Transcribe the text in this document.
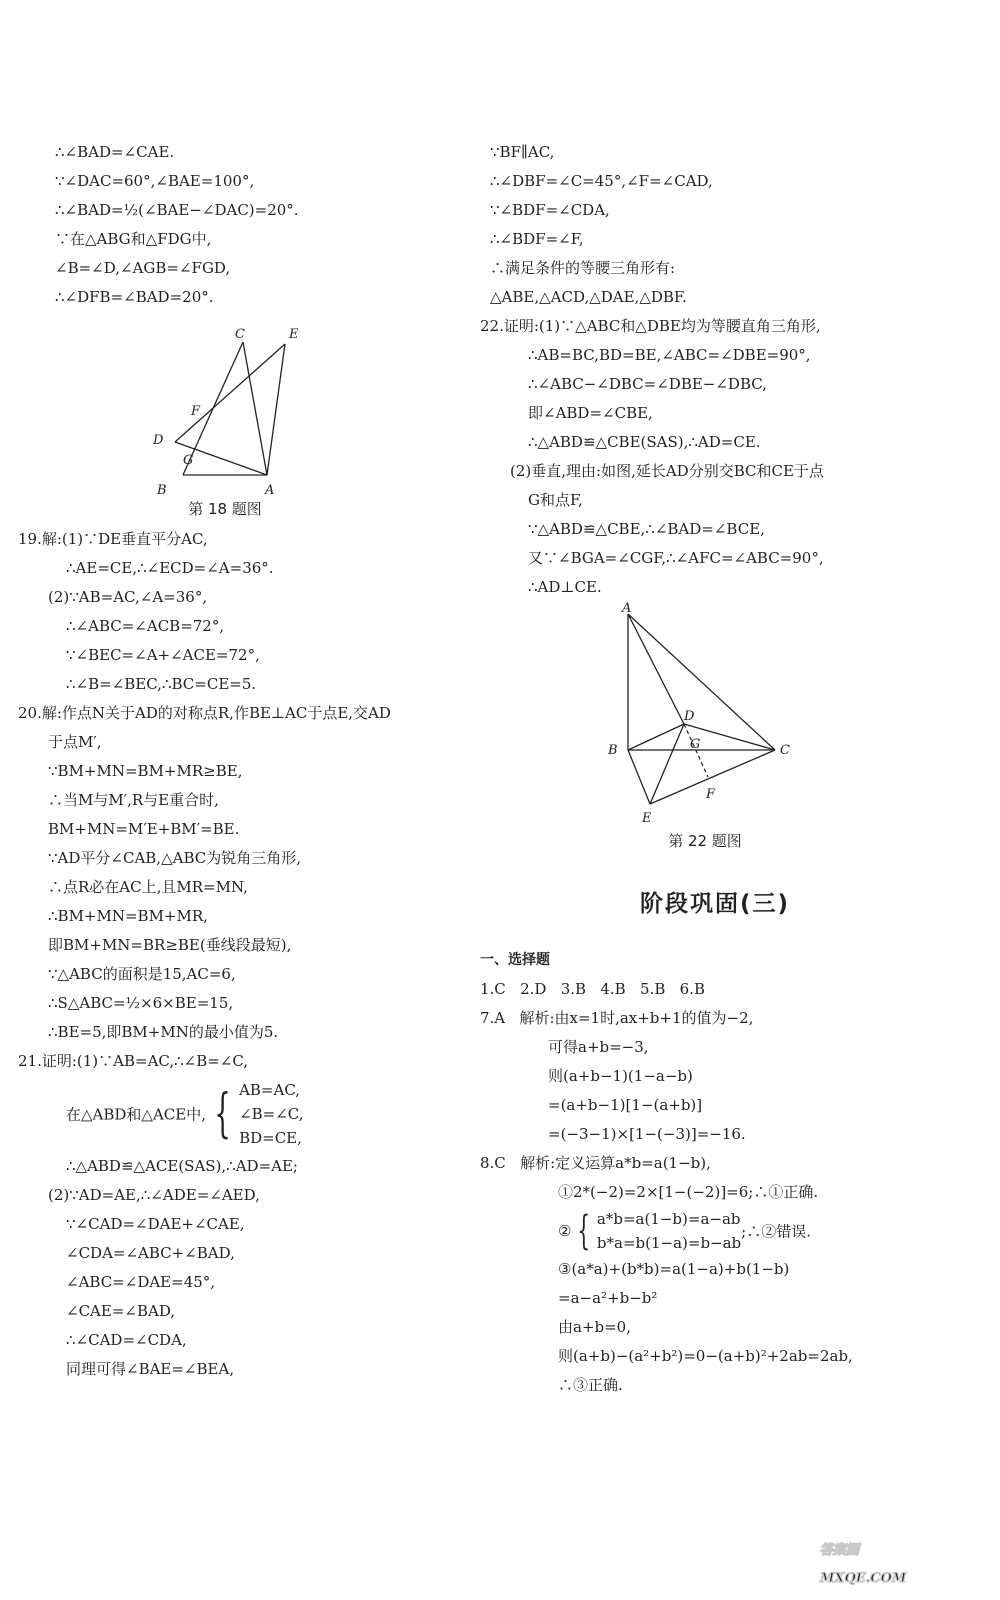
∴∠BAD=∠CAE.
∵∠DAC=60°,∠BAE=100°,
∴∠BAD=½(∠BAE−∠DAC)=20°.
∵在△ABG和△FDG中,
∠B=∠D,∠AGB=∠FGD,
∴∠DFB=∠BAD=20°.
C	E
F
D
G
B	A
第 18 题图
19.解:(1)∵DE垂直平分AC,
∴AE=CE,∴∠ECD=∠A=36°.
(2)∵AB=AC,∠A=36°,
∴∠ABC=∠ACB=72°,
∵∠BEC=∠A+∠ACE=72°,
∴∠B=∠BEC,∴BC=CE=5.
20.解:作点N关于AD的对称点R,作BE⊥AC于点E,交AD
于点M′,
∵BM+MN=BM+MR≥BE,
∴当M与M′,R与E重合时,
BM+MN=M′E+BM′=BE.
∵AD平分∠CAB,△ABC为锐角三角形,
∴点R必在AC上,且MR=MN,
∴BM+MN=BM+MR,
即BM+MN=BR≥BE(垂线段最短),
∵△ABC的面积是15,AC=6,
∴S△ABC=½×6×BE=15,
∴BE=5,即BM+MN的最小值为5.
21.证明:(1)∵AB=AC,∴∠B=∠C,
在△ABD和△ACE中, { AB=AC,
∠B=∠C,
BD=CE,
∴△ABD≌△ACE(SAS),∴AD=AE;
(2)∵AD=AE,∴∠ADE=∠AED,
∵∠CAD=∠DAE+∠CAE,
∠CDA=∠ABC+∠BAD,
∠ABC=∠DAE=45°,
∠CAE=∠BAD,
∴∠CAD=∠CDA,
同理可得∠BAE=∠BEA,
∵BF∥AC,
∴∠DBF=∠C=45°,∠F=∠CAD,
∵∠BDF=∠CDA,
∴∠BDF=∠F,
∴满足条件的等腰三角形有:
△ABE,△ACD,△DAE,△DBF.
22.证明:(1)∵△ABC和△DBE均为等腰直角三角形,
∴AB=BC,BD=BE,∠ABC=∠DBE=90°,
∴∠ABC−∠DBC=∠DBE−∠DBC,
即∠ABD=∠CBE,
∴△ABD≌△CBE(SAS),∴AD=CE.
(2)垂直,理由:如图,延长AD分别交BC和CE于点
G和点F,
∵△ABD≌△CBE,∴∠BAD=∠BCE,
又∵∠BGA=∠CGF,∴∠AFC=∠ABC=90°,
∴AD⊥CE.
A
D
B	G	C
E
F
第 22 题图
阶段巩固(三)
一、选择题
1.C   2.D   3.B   4.B   5.B   6.B
7.A   解析:由x=1时,ax+b+1的值为−2,
可得a+b=−3,
则(a+b−1)(1−a−b)
=(a+b−1)[1−(a+b)]
=(−3−1)×[1−(−3)]=−16.
8.C   解析:定义运算a*b=a(1−b),
①2*(−2)=2×[1−(−2)]=6;∴①正确.
② { a*b=a(1−b)=a−ab
b*a=b(1−a)=b−ab
;∴②错误.
③(a*a)+(b*b)=a(1−a)+b(1−b)
=a−a²+b−b²
由a+b=0,
则(a+b)−(a²+b²)=0−(a+b)²+2ab=2ab,
∴③正确.
答案圈
MXQE.COM
